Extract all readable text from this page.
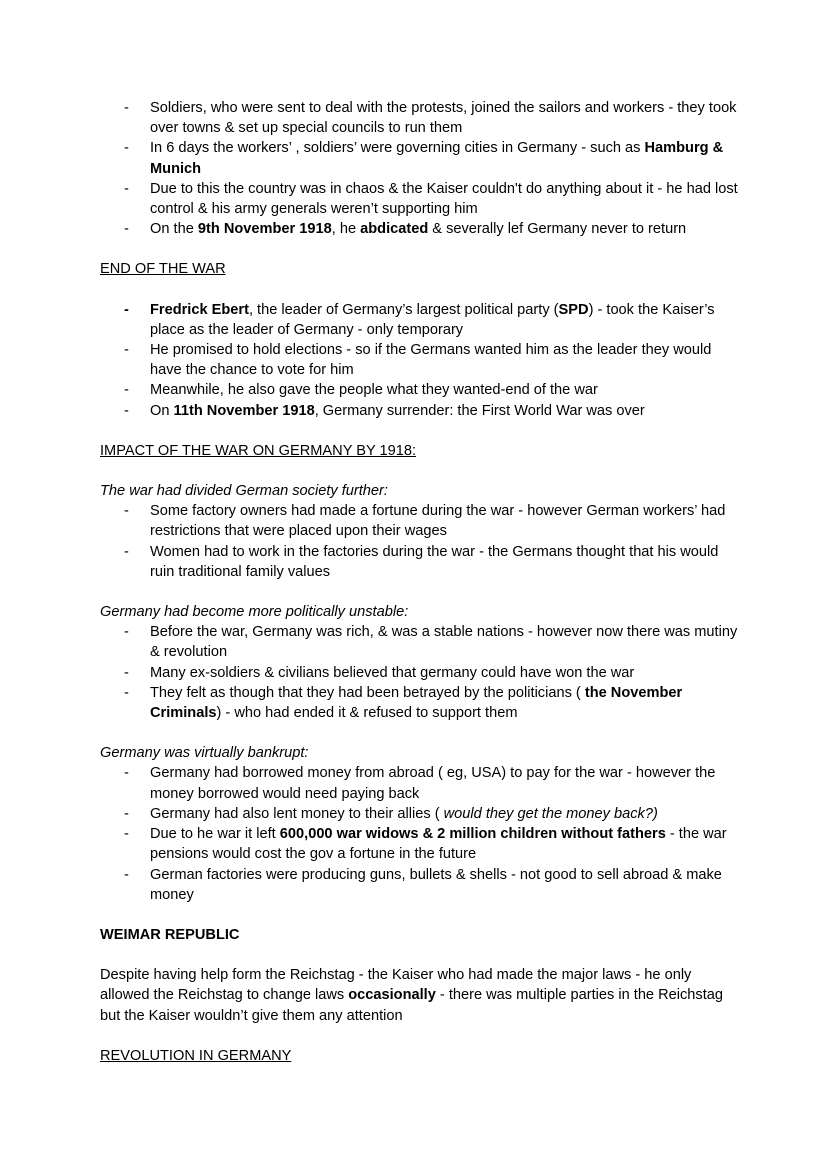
- Soldiers, who were sent to deal with the protests, joined the sailors and workers - they took over towns & set up special councils to run them
- In 6 days the workers’ , soldiers’ were governing cities in Germany - such as Hamburg & Munich
- Due to this the country was in chaos & the Kaiser couldn't do anything about it - he had lost control & his army generals weren’t supporting him
- On the 9th November 1918, he abdicated & severally lef Germany never to return

END OF THE WAR

- Fredrick Ebert, the leader of Germany’s largest political party (SPD) - took the Kaiser’s place as the leader of Germany - only temporary
- He promised to hold elections - so if the Germans wanted him as the leader they would have the chance to vote for him
- Meanwhile, he also gave the people what they wanted-end of the war
- On 11th November 1918, Germany surrender: the First World War was over

IMPACT OF THE WAR ON GERMANY BY 1918:

The war had divided German society further:

- Some factory owners had made a fortune during the war - however German workers’ had restrictions that were placed upon their wages
- Women had to work in the factories during the war - the Germans thought that his would ruin traditional family values

Germany had become more politically unstable:

- Before the war, Germany was rich, & was a stable nations - however now there was mutiny & revolution
- Many ex-soldiers & civilians believed that germany could have won the war
- They felt as though that they had been betrayed by the politicians ( the November Criminals) - who had ended it & refused to support them

Germany was virtually bankrupt:

- Germany had borrowed money from abroad ( eg, USA) to pay for the war - however the money borrowed would need paying back
- Germany had also lent money to their allies ( would they get the money back?)
- Due to he war it left 600,000 war widows & 2 million children without fathers - the war pensions would cost the gov a fortune in the future
- German factories were producing guns, bullets & shells - not good to sell abroad & make money

WEIMAR REPUBLIC

Despite having help form the Reichstag - the Kaiser who had made the major laws - he only allowed the Reichstag to change laws occasionally - there was multiple parties in the Reichstag but the Kaiser wouldn’t give them any attention

REVOLUTION IN GERMANY
